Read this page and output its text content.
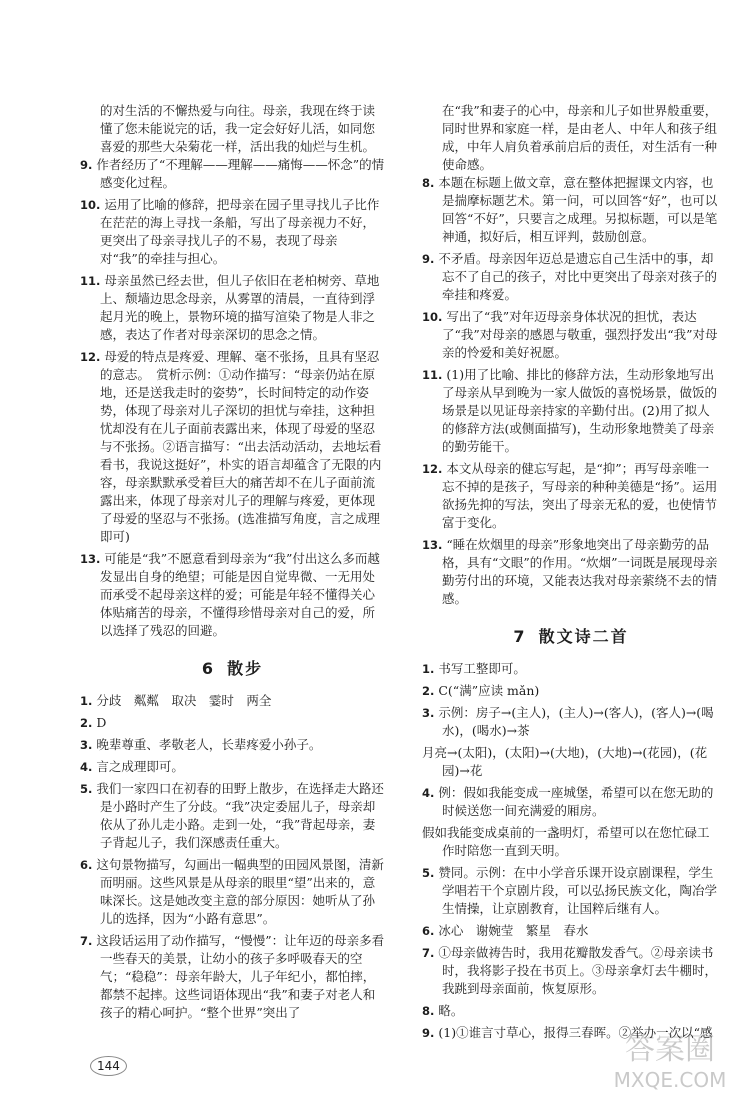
的对生活的不懈热爱与向往。母亲，我现在终于读懂了您未能说完的话，我一定会好好儿活，如同您喜爱的那些大朵菊花一样，活出我的灿烂与生机。
9. 作者经历了“不理解——理解——痛悔——怀念”的情感变化过程。
10. 运用了比喻的修辞，把母亲在园子里寻找儿子比作在茫茫的海上寻找一条船，写出了母亲视力不好，更突出了母亲寻找儿子的不易，表现了母亲对“我”的牵挂与担心。
11. 母亲虽然已经去世，但儿子依旧在老柏树旁、草地上、颓墙边思念母亲，从雾罩的清晨，一直待到浮起月光的晚上，景物环境的描写渲染了物是人非之感，表达了作者对母亲深切的思念之情。
12. 母爱的特点是疼爱、理解、毫不张扬，且具有坚忍的意志。　赏析示例：①动作描写：“母亲仍站在原地，还是送我走时的姿势”，长时间特定的动作姿势，体现了母亲对儿子深切的担忧与牵挂，这种担忧却没有在儿子面前表露出来，体现了母爱的坚忍与不张扬。②语言描写：“出去活动活动，去地坛看看书，我说这挺好”，朴实的语言却蕴含了无限的内容，母亲默默承受着巨大的痛苦却不在儿子面前流露出来，体现了母亲对儿子的理解与疼爱，更体现了母爱的坚忍与不张扬。(选准描写角度，言之成理即可)
13. 可能是“我”不愿意看到母亲为“我”付出这么多而越发显出自身的绝望；可能是因自觉卑微、一无用处而承受不起母亲这样的爱；可能是年轻不懂得关心体贴痛苦的母亲，不懂得珍惜母亲对自己的爱，所以选择了残忍的回避。
6 散步
1. 分歧　粼粼　取决　霎时　两全
2. D
3. 晚辈尊重、孝敬老人，长辈疼爱小孙子。
4. 言之成理即可。
5. 我们一家四口在初春的田野上散步，在选择走大路还是小路时产生了分歧。“我”决定委屈儿子，母亲却依从了孙儿走小路。走到一处，“我”背起母亲，妻子背起儿子，我们深感责任重大。
6. 这句景物描写，勾画出一幅典型的田园风景图，清新而明丽。这些风景是从母亲的眼里“望”出来的，意味深长。这是她改变主意的部分原因：她听从了孙儿的选择，因为“小路有意思”。
7. 这段话运用了动作描写，“慢慢”：让年迈的母亲多看一些春天的美景，让幼小的孩子多呼吸春天的空气；“稳稳”：母亲年龄大，儿子年纪小，都怕摔，都禁不起摔。这些词语体现出“我”和妻子对老人和孩子的精心呵护。“整个世界”突出了
在“我”和妻子的心中，母亲和儿子如世界般重要，同时世界和家庭一样，是由老人、中年人和孩子组成，中年人肩负着承前启后的责任，对生活有一种使命感。
8. 本题在标题上做文章，意在整体把握课文内容，也是揣摩标题艺术。第一问，可以回答“好”，也可以回答“不好”，只要言之成理。另拟标题，可以是笔神通，拟好后，相互评判，鼓励创意。
9. 不矛盾。母亲因年迈总是遗忘自己生活中的事，却忘不了自己的孩子，对比中更突出了母亲对孩子的牵挂和疼爱。
10. 写出了“我”对年迈母亲身体状况的担忧，表达了“我”对母亲的感恩与敬重，强烈抒发出“我”对母亲的怜爱和美好祝愿。
11. (1)用了比喻、排比的修辞方法，生动形象地写出了母亲从早到晚为一家人做饭的喜悦场景，做饭的场景是以见证母亲持家的辛勤付出。(2)用了拟人的修辞方法(或侧面描写)，生动形象地赞美了母亲的勤劳能干。
12. 本文从母亲的健忘写起，是“抑”；再写母亲唯一忘不掉的是孩子，写母亲的种种美德是“扬”。运用欲扬先抑的写法，突出了母亲无私的爱，也使情节富于变化。
13. “睡在炊烟里的母亲”形象地突出了母亲勤劳的品格，具有“文眼”的作用。“炊烟”一词既是展现母亲勤劳付出的环境，又能表达我对母亲萦绕不去的情感。
7 散文诗二首
1. 书写工整即可。
2. C(“满”应读 mǎn)
3. 示例：房子→(主人)，(主人)→(客人)，(客人)→(喝水)，(喝水)→茶
月亮→(太阳)，(太阳)→(大地)，(大地)→(花园)，(花园)→花
4. 例：假如我能变成一座城堡，希望可以在您无助的时候送您一间充满爱的厢房。
假如我能变成桌前的一盏明灯，希望可以在您忙碌工作时陪您一直到天明。
5. 赞同。示例：在中小学音乐课开设京剧课程，学生学唱若干个京剧片段，可以弘扬民族文化，陶冶学生情操，让京剧教育，让国粹后继有人。
6. 冰心　谢婉莹　繁星　春水
7. ①母亲做祷告时，我用花瓣散发香气。②母亲读书时，我将影子投在书页上。③母亲拿灯去牛棚时，我跳到母亲面前，恢复原形。
8. 略。
9. (1)①谁言寸草心，报得三春晖。②举办一次以“感
144	答案圈
MXQE.COM
